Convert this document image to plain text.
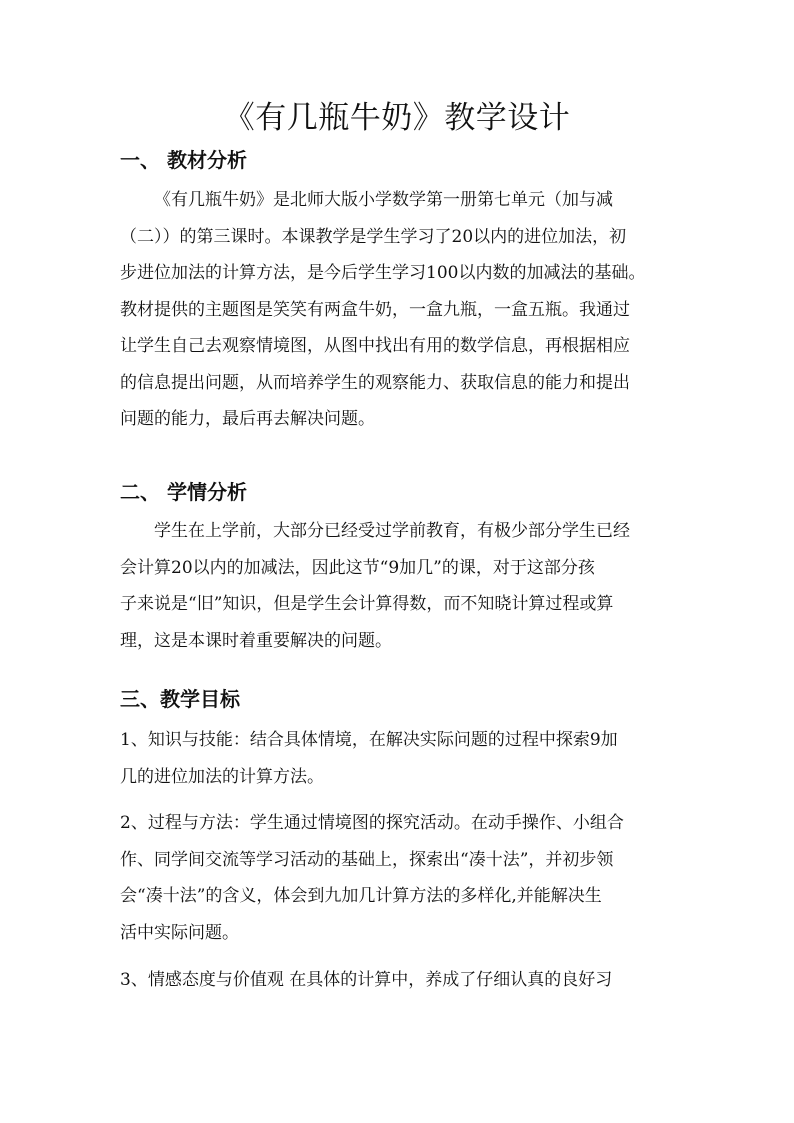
《有几瓶牛奶》教学设计
一、 教材分析
《有几瓶牛奶》是北师大版小学数学第一册第七单元（加与减
（二））的第三课时。本课教学是学生学习了20以内的进位加法，初
步进位加法的计算方法，是今后学生学习100以内数的加减法的基础。
教材提供的主题图是笑笑有两盒牛奶，一盒九瓶，一盒五瓶。我通过
让学生自己去观察情境图，从图中找出有用的数学信息，再根据相应
的信息提出问题，从而培养学生的观察能力、获取信息的能力和提出
问题的能力，最后再去解决问题。
二、 学情分析
学生在上学前，大部分已经受过学前教育，有极少部分学生已经
会计算20以内的加减法，因此这节“9加几”的课，对于这部分孩
子来说是“旧”知识，但是学生会计算得数，而不知晓计算过程或算
理，这是本课时着重要解决的问题。
三、教学目标
1、知识与技能：结合具体情境，在解决实际问题的过程中探索9加
几的进位加法的计算方法。
2、过程与方法：学生通过情境图的探究活动。在动手操作、小组合
作、同学间交流等学习活动的基础上，探索出“凑十法”，并初步领
会“凑十法”的含义，体会到九加几计算方法的多样化,并能解决生
活中实际问题。
3、情感态度与价值观 在具体的计算中，养成了仔细认真的良好习
